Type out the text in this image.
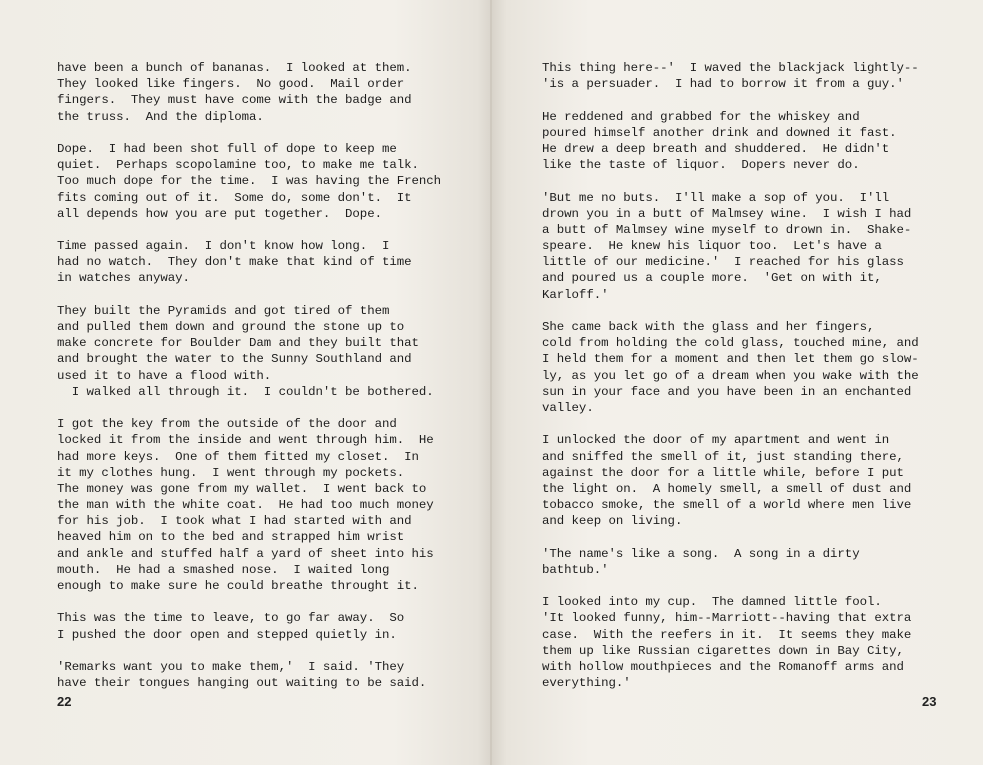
have been a bunch of bananas.  I looked at them.
They looked like fingers.  No good.  Mail order
fingers.  They must have come with the badge and
the truss.  And the diploma.
Dope.  I had been shot full of dope to keep me
quiet.  Perhaps scopolamine too, to make me talk.
Too much dope for the time.  I was having the French
fits coming out of it.  Some do, some don't.  It
all depends how you are put together.  Dope.
Time passed again.  I don't know how long.  I
had no watch.  They don't make that kind of time
in watches anyway.
They built the Pyramids and got tired of them
and pulled them down and ground the stone up to
make concrete for Boulder Dam and they built that
and brought the water to the Sunny Southland and
used it to have a flood with.
I walked all through it.  I couldn't be bothered.
I got the key from the outside of the door and
locked it from the inside and went through him.  He
had more keys.  One of them fitted my closet.  In
it my clothes hung.  I went through my pockets.
The money was gone from my wallet.  I went back to
the man with the white coat.  He had too much money
for his job.  I took what I had started with and
heaved him on to the bed and strapped him wrist
and ankle and stuffed half a yard of sheet into his
mouth.  He had a smashed nose.  I waited long
enough to make sure he could breathe throught it.
This was the time to leave, to go far away.  So
I pushed the door open and stepped quietly in.
'Remarks want you to make them,'  I said. 'They
have their tongues hanging out waiting to be said.
22
This thing here--'  I waved the blackjack lightly--
'is a persuader.  I had to borrow it from a guy.'
He reddened and grabbed for the whiskey and
poured himself another drink and downed it fast.
He drew a deep breath and shuddered.  He didn't
like the taste of liquor.  Dopers never do.
'But me no buts.  I'll make a sop of you.  I'll
drown you in a butt of Malmsey wine.  I wish I had
a butt of Malmsey wine myself to drown in.  Shake-
speare.  He knew his liquor too.  Let's have a
little of our medicine.'  I reached for his glass
and poured us a couple more.  'Get on with it,
Karloff.'
She came back with the glass and her fingers,
cold from holding the cold glass, touched mine, and
I held them for a moment and then let them go slow-
ly, as you let go of a dream when you wake with the
sun in your face and you have been in an enchanted
valley.
I unlocked the door of my apartment and went in
and sniffed the smell of it, just standing there,
against the door for a little while, before I put
the light on.  A homely smell, a smell of dust and
tobacco smoke, the smell of a world where men live
and keep on living.
'The name's like a song.  A song in a dirty
bathtub.'
I looked into my cup.  The damned little fool.
'It looked funny, him--Marriott--having that extra
case.  With the reefers in it.  It seems they make
them up like Russian cigarettes down in Bay City,
with hollow mouthpieces and the Romanoff arms and
everything.'
23
